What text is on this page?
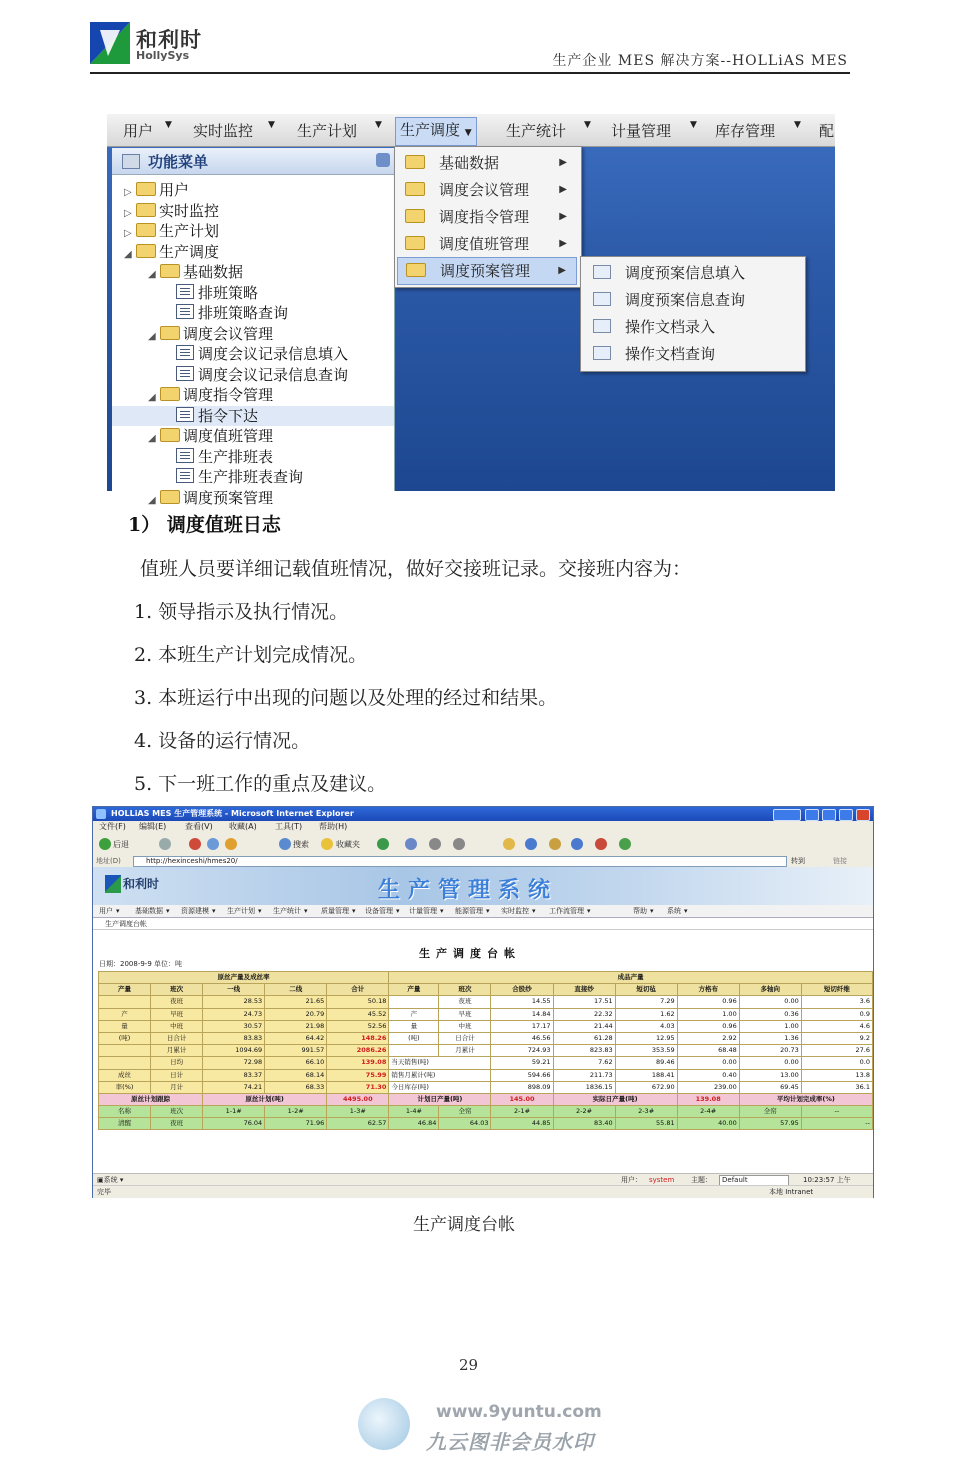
和利时
HollySys	生产企业 MES 解决方案--HOLLiAS MES
用户 ▼ 实时监控 ▼ 生产计划 ▼	生产调度 ▼	生产统计 ▼ 计量管理 ▼ 库存管理 ▼ 配
功能菜单
▷ 用户
▷ 实时监控
▷ 生产计划
◢ 生产调度
◢ 基础数据
排班策略
排班策略查询
◢ 调度会议管理
调度会议记录信息填入
调度会议记录信息查询
◢ 调度指令管理
指令下达
◢ 调度值班管理
生产排班表
生产排班表查询
◢ 调度预案管理
基础数据	▶
调度会议管理	▶
调度指令管理	▶
调度值班管理	▶
调度预案管理	▶	调度预案信息填入
调度预案信息查询
操作文档录入
操作文档查询
1） 调度值班日志
值班人员要详细记载值班情况，做好交接班记录。交接班内容为：
1. 领导指示及执行情况。
2. 本班生产计划完成情况。
3. 本班运行中出现的问题以及处理的经过和结果。
4. 设备的运行情况。
5. 下一班工作的重点及建议。
HOLLiAS MES 生产管理系统 - Microsoft Internet Explorer
文件(F) 编辑(E) 查看(V) 收藏(A) 工具(T) 帮助(H)
后退	搜索	收藏夹
地址(D)	http://hexinceshi/hmes20/	转到	链接
和利时	生产管理系统
用户 ▾ 基础数据 ▾ 资源建模 ▾ 生产计划 ▾ 生产统计 ▾ 质量管理 ▾ 设备管理 ▾ 计量管理 ▾ 能源管理 ▾ 实时监控 ▾ 工作流管理 ▾	帮助 ▾ 系统 ▾
生产调度台帐
生产调度台帐
日期：2008-9-9 单位：吨
原丝产量及成丝率					成品产量							
产量	班次	一线	二线	合计	产量	班次	合股纱	直接纱	短切毡	方格布	多轴向	短切纤维
	夜班	28.53	21.65	50.18		夜班	14.55	17.51	7.29	0.96	0.00	3.6
产	早班	24.73	20.79	45.52	产	早班	14.84	22.32	1.62	1.00	0.36	0.9
量	中班	30.57	21.98	52.56	量	中班	17.17	21.44	4.03	0.96	1.00	4.6
(吨)	日合计	83.83	64.42	148.26	(吨)	日合计	46.56	61.28	12.95	2.92	1.36	9.2
	月累计	1094.69	991.57	2086.26		月累计	724.93	823.83	353.59	68.48	20.73	27.6
	日均	72.98	66.10	139.08	当天销售(吨)		59.21	7.62	89.46	0.00	0.00	0.0
成丝	日计	83.37	68.14	75.99	销售月累计(吨)		594.66	211.73	188.41	0.40	13.00	13.8
率(%)	月计	74.21	68.33	71.30	今日库存(吨)		898.09	1836.15	672.90	239.00	69.45	36.1
原丝计划跟踪		原丝计划(吨)		4495.00	计划日产量(吨)		145.00	实际日产量(吨)		139.08	平均计划完成率(%)	
名称	班次	1-1#	1-2#	1-3#	1-4#	全窑	2-1#	2-2#	2-3#	2-4#	全窑	--
清醒	夜班	76.04	71.96	62.57	46.84	64.03	44.85	83.40	55.81	40.00	57.95	--
▣系统 ▾	用户： system 主题：	Default	10:23:57 上午
完毕	本地 Intranet
生产调度台帐
29
www.9yuntu.com
九云图非会员水印
